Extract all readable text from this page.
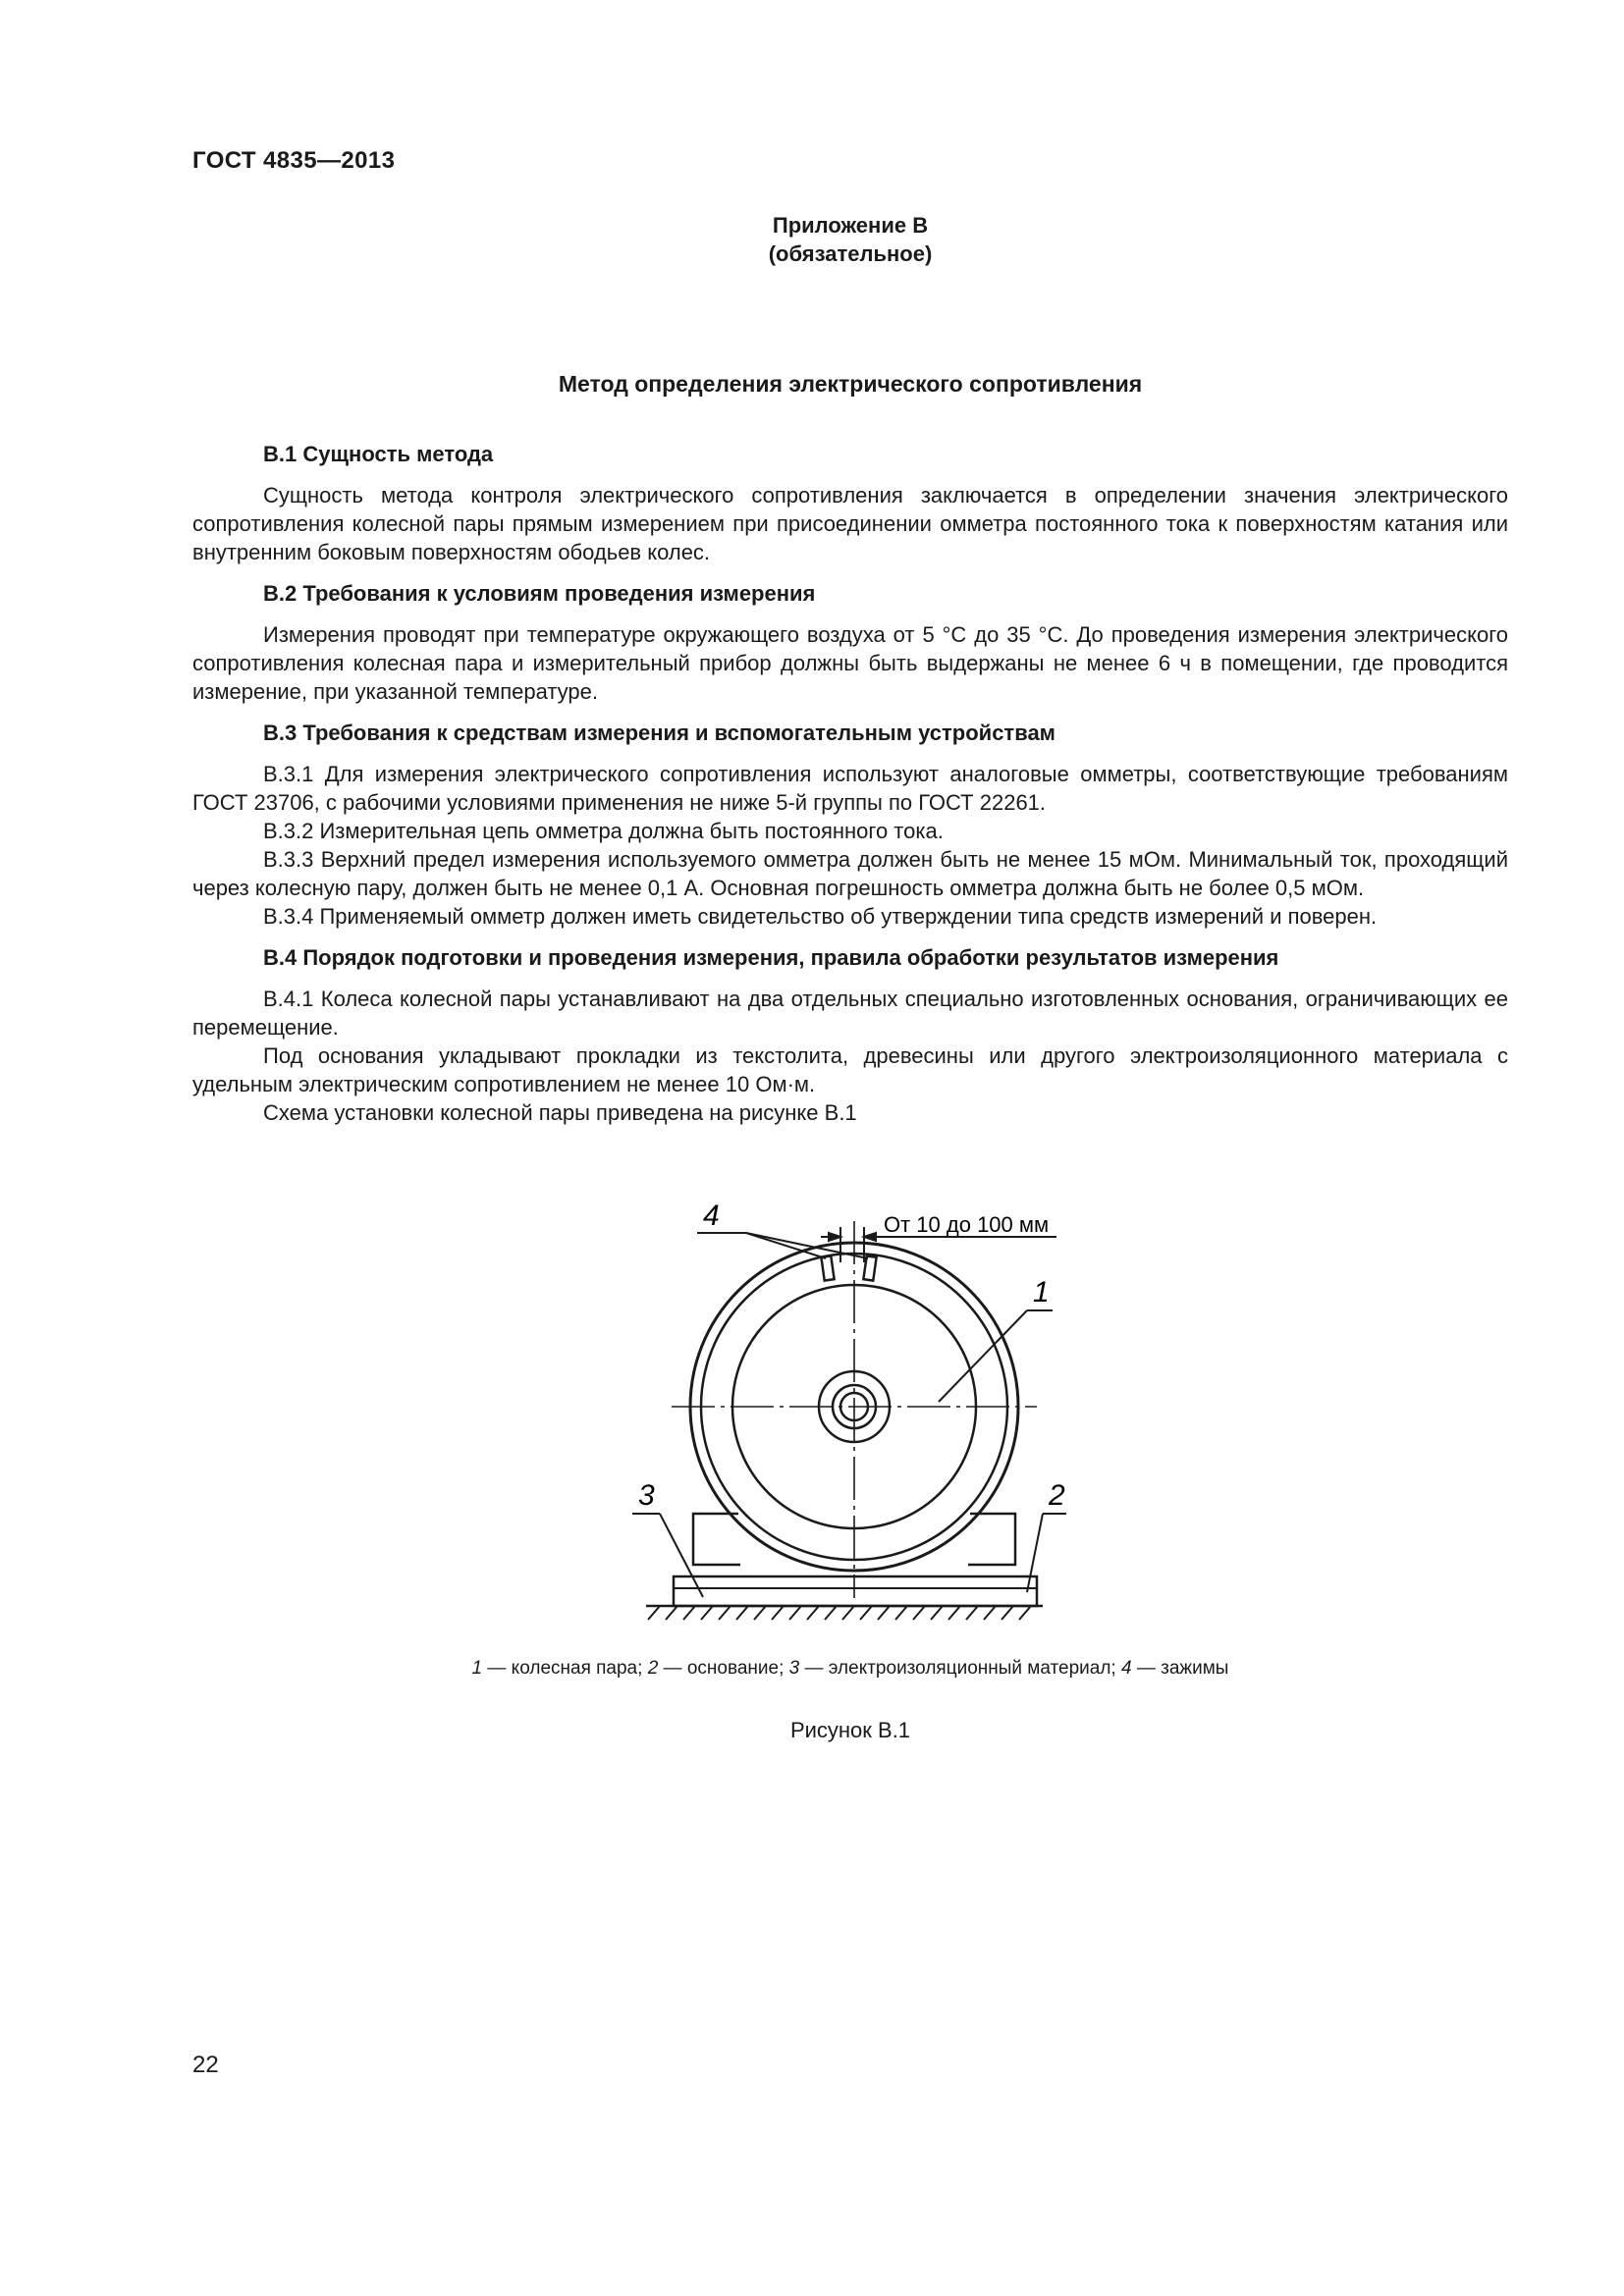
ГОСТ 4835—2013
Приложение В
(обязательное)
Метод определения электрического сопротивления
В.1 Сущность метода

Сущность метода контроля электрического сопротивления заключается в определении значения электрического сопротивления колесной пары прямым измерением при присоединении омметра постоянного тока к поверхностям катания или внутренним боковым поверхностям ободьев колес.

В.2 Требования к условиям проведения измерения

Измерения проводят при температуре окружающего воздуха от 5 °С до 35 °С. До проведения измерения электрического сопротивления колесная пара и измерительный прибор должны быть выдержаны не менее 6 ч в помещении, где проводится измерение, при указанной температуре.

В.3 Требования к средствам измерения и вспомогательным устройствам

В.3.1 Для измерения электрического сопротивления используют аналоговые омметры, соответствующие требованиям ГОСТ 23706, с рабочими условиями применения не ниже 5-й группы по ГОСТ 22261.

В.3.2 Измерительная цепь омметра должна быть постоянного тока.

В.3.3 Верхний предел измерения используемого омметра должен быть не менее 15 мОм. Минимальный ток, проходящий через колесную пару, должен быть не менее 0,1 А. Основная погрешность омметра должна быть не более 0,5 мОм.

В.3.4 Применяемый омметр должен иметь свидетельство об утверждении типа средств измерений и поверен.

В.4 Порядок подготовки и проведения измерения, правила обработки результатов измерения

В.4.1 Колеса колесной пары устанавливают на два отдельных специально изготовленных основания, ограничивающих ее перемещение.

Под основания укладывают прокладки из текстолита, древесины или другого электроизоляционного материала с удельным электрическим сопротивлением не менее 10 Ом·м.

Схема установки колесной пары приведена на рисунке В.1

4
1
3	2
От 10 до 100 мм
1 — колесная пара; 2 — основание; 3 — электроизоляционный материал; 4 — зажимы
Рисунок В.1
22
